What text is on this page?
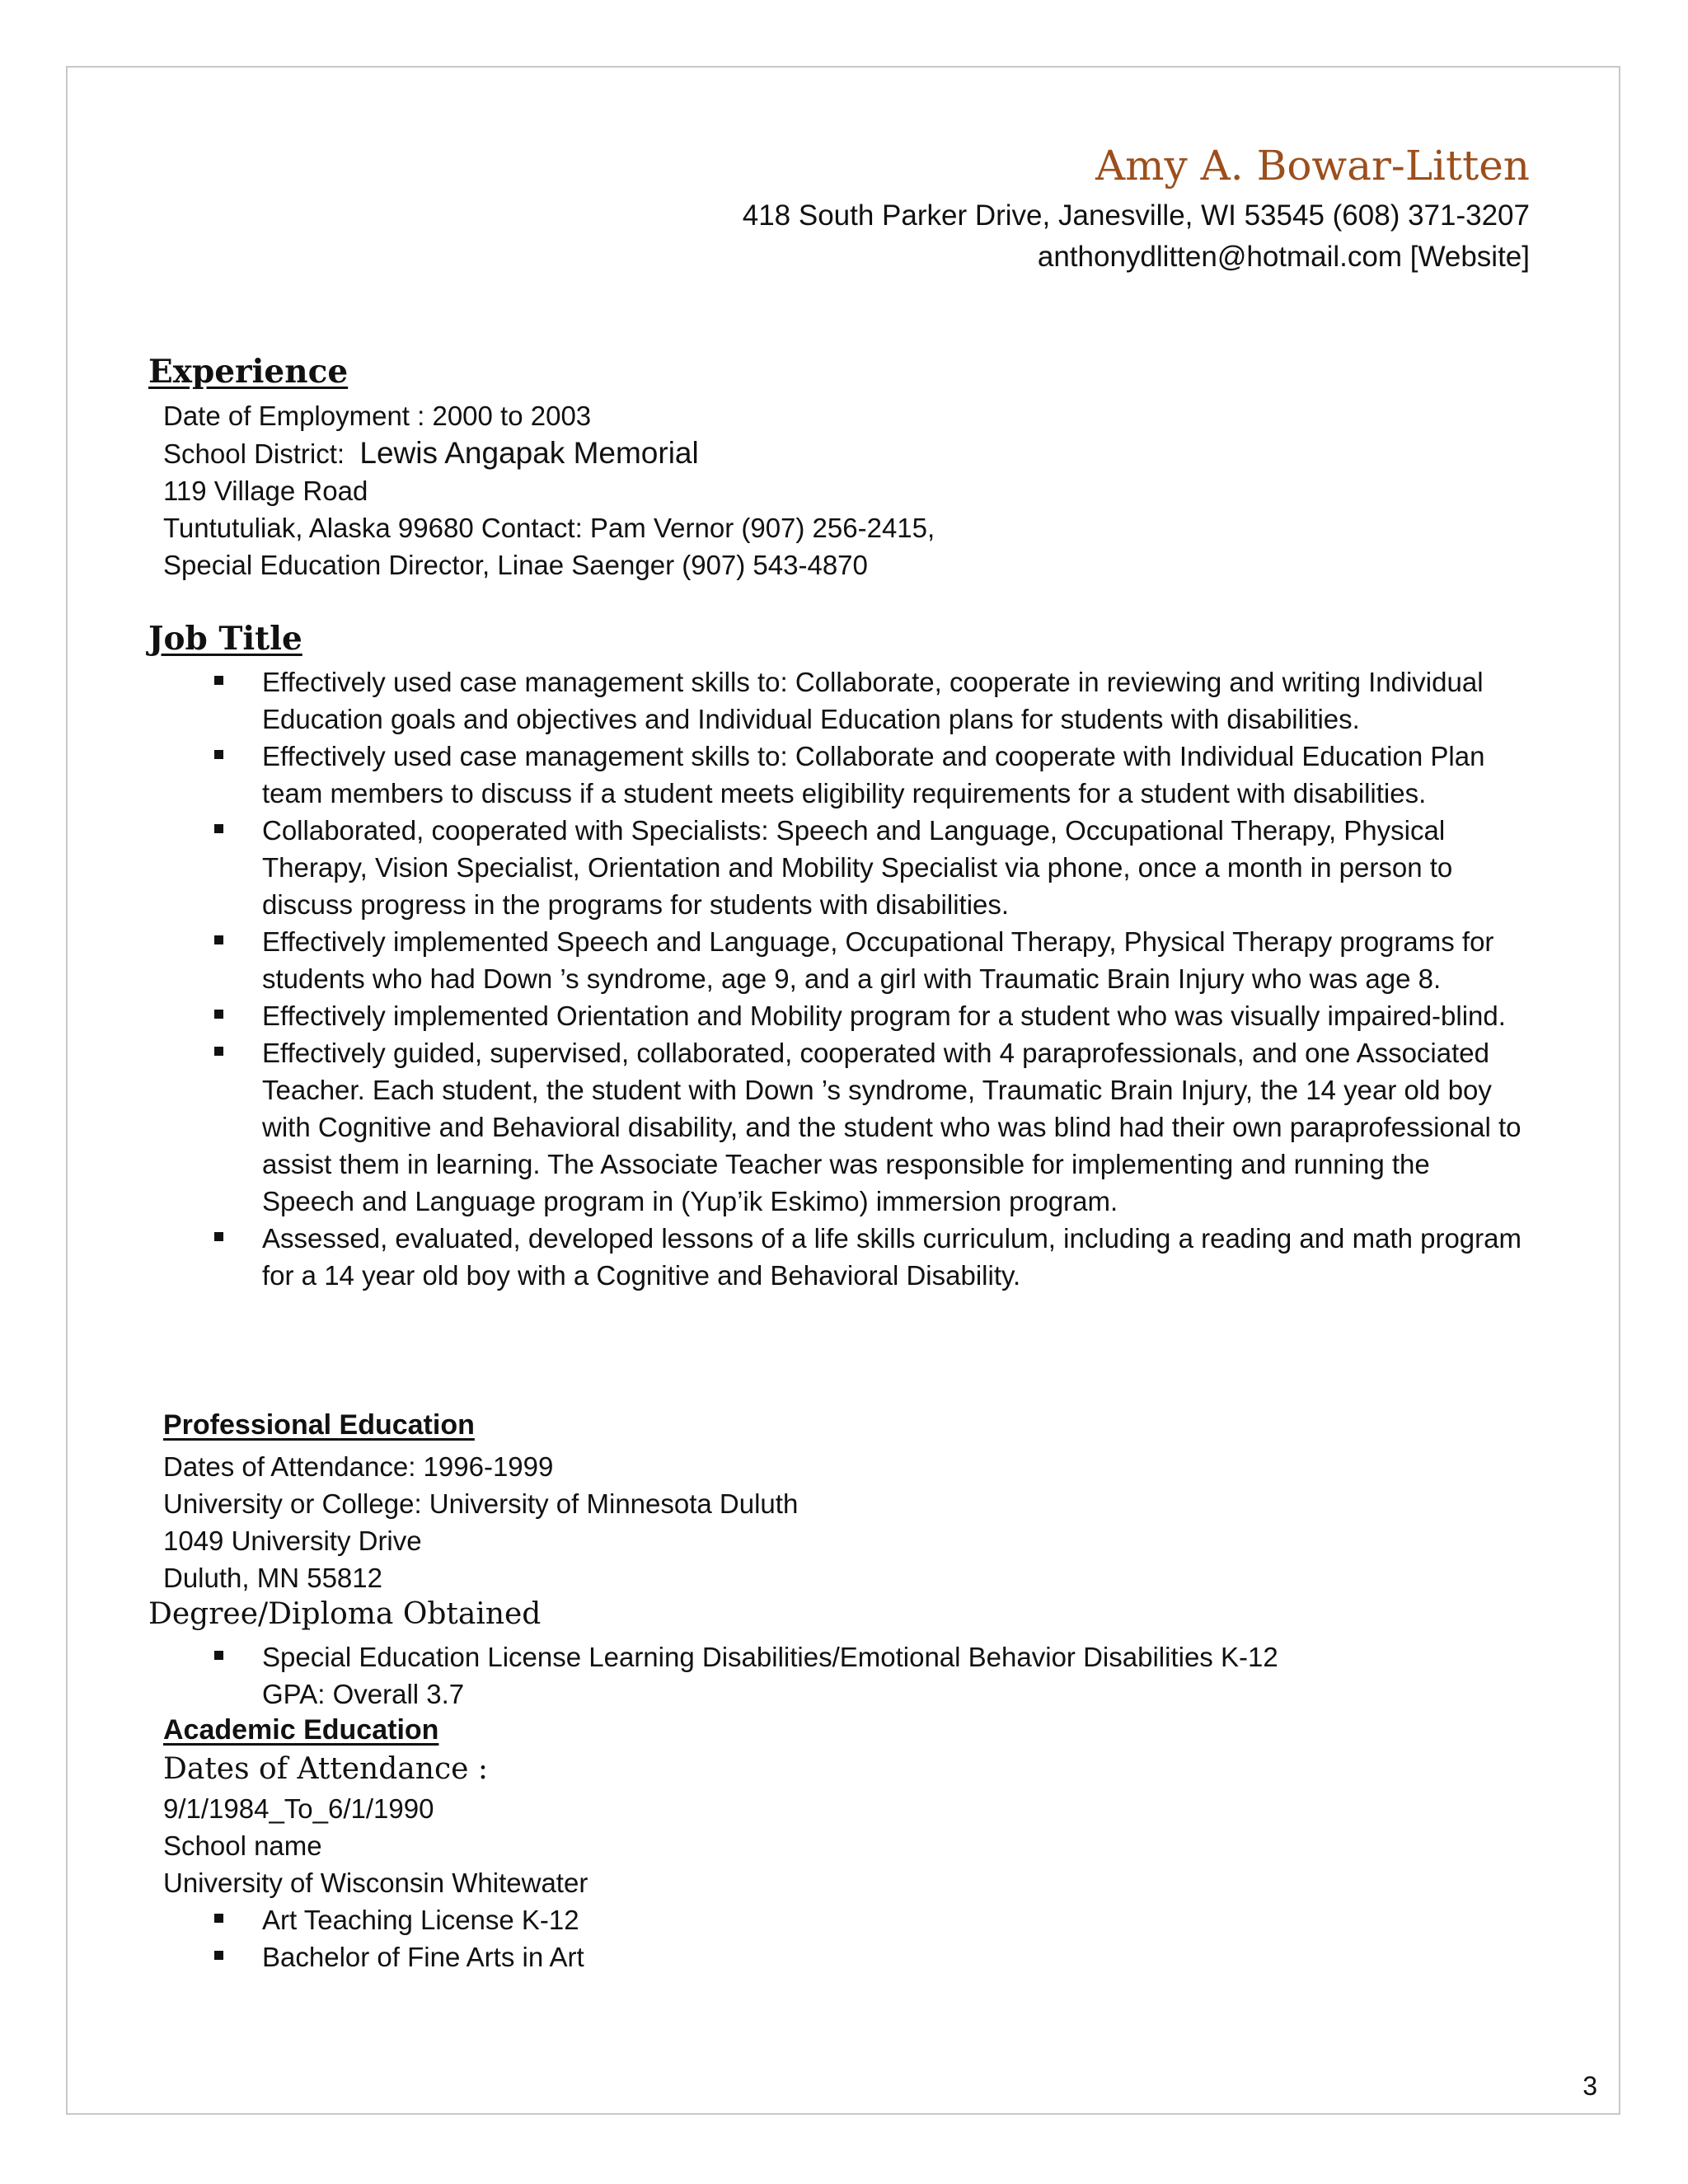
Amy A. Bowar-Litten
418 South Parker Drive, Janesville, WI 53545 (608) 371-3207
anthonydlitten@hotmail.com [Website]
Experience
Date of Employment : 2000 to 2003
School District:  Lewis Angapak Memorial
119 Village Road
Tuntutuliak, Alaska 99680 Contact: Pam Vernor (907) 256-2415,
Special Education Director, Linae Saenger (907) 543-4870
Job Title
Effectively used case management skills to: Collaborate, cooperate in reviewing and writing Individual Education goals and objectives and Individual Education plans for students with disabilities.
Effectively used case management skills to: Collaborate and cooperate with Individual Education Plan team members to discuss if a student meets eligibility requirements for a student with disabilities.
Collaborated, cooperated with Specialists: Speech and Language, Occupational Therapy, Physical Therapy, Vision Specialist, Orientation and Mobility Specialist via phone, once a month in person to discuss progress in the programs for students with disabilities.
Effectively implemented Speech and Language, Occupational Therapy, Physical Therapy programs for students who had Down ’s syndrome, age 9, and a girl with Traumatic Brain Injury who was age 8.
Effectively implemented Orientation and Mobility program for a student who was visually impaired-blind.
Effectively guided, supervised, collaborated, cooperated with 4 paraprofessionals, and one Associated Teacher. Each student, the student with Down ’s syndrome, Traumatic Brain Injury, the 14 year old boy with Cognitive and Behavioral disability, and the student who was blind had their own paraprofessional to assist them in learning. The Associate Teacher was responsible for implementing and running the Speech and Language program in (Yup’ik Eskimo) immersion program.
Assessed, evaluated, developed lessons of a life skills curriculum, including a reading and math program for a 14 year old boy with a Cognitive and Behavioral Disability.
Professional Education
Dates of Attendance: 1996-1999
University or College: University of Minnesota Duluth
1049 University Drive
Duluth, MN 55812
Degree/Diploma Obtained
Special Education License Learning Disabilities/Emotional Behavior Disabilities K-12
GPA: Overall 3.7
Academic Education
Dates of Attendance :
9/1/1984_To_6/1/1990
School name
University of Wisconsin Whitewater
Art Teaching License K-12
Bachelor of Fine Arts in Art
3
